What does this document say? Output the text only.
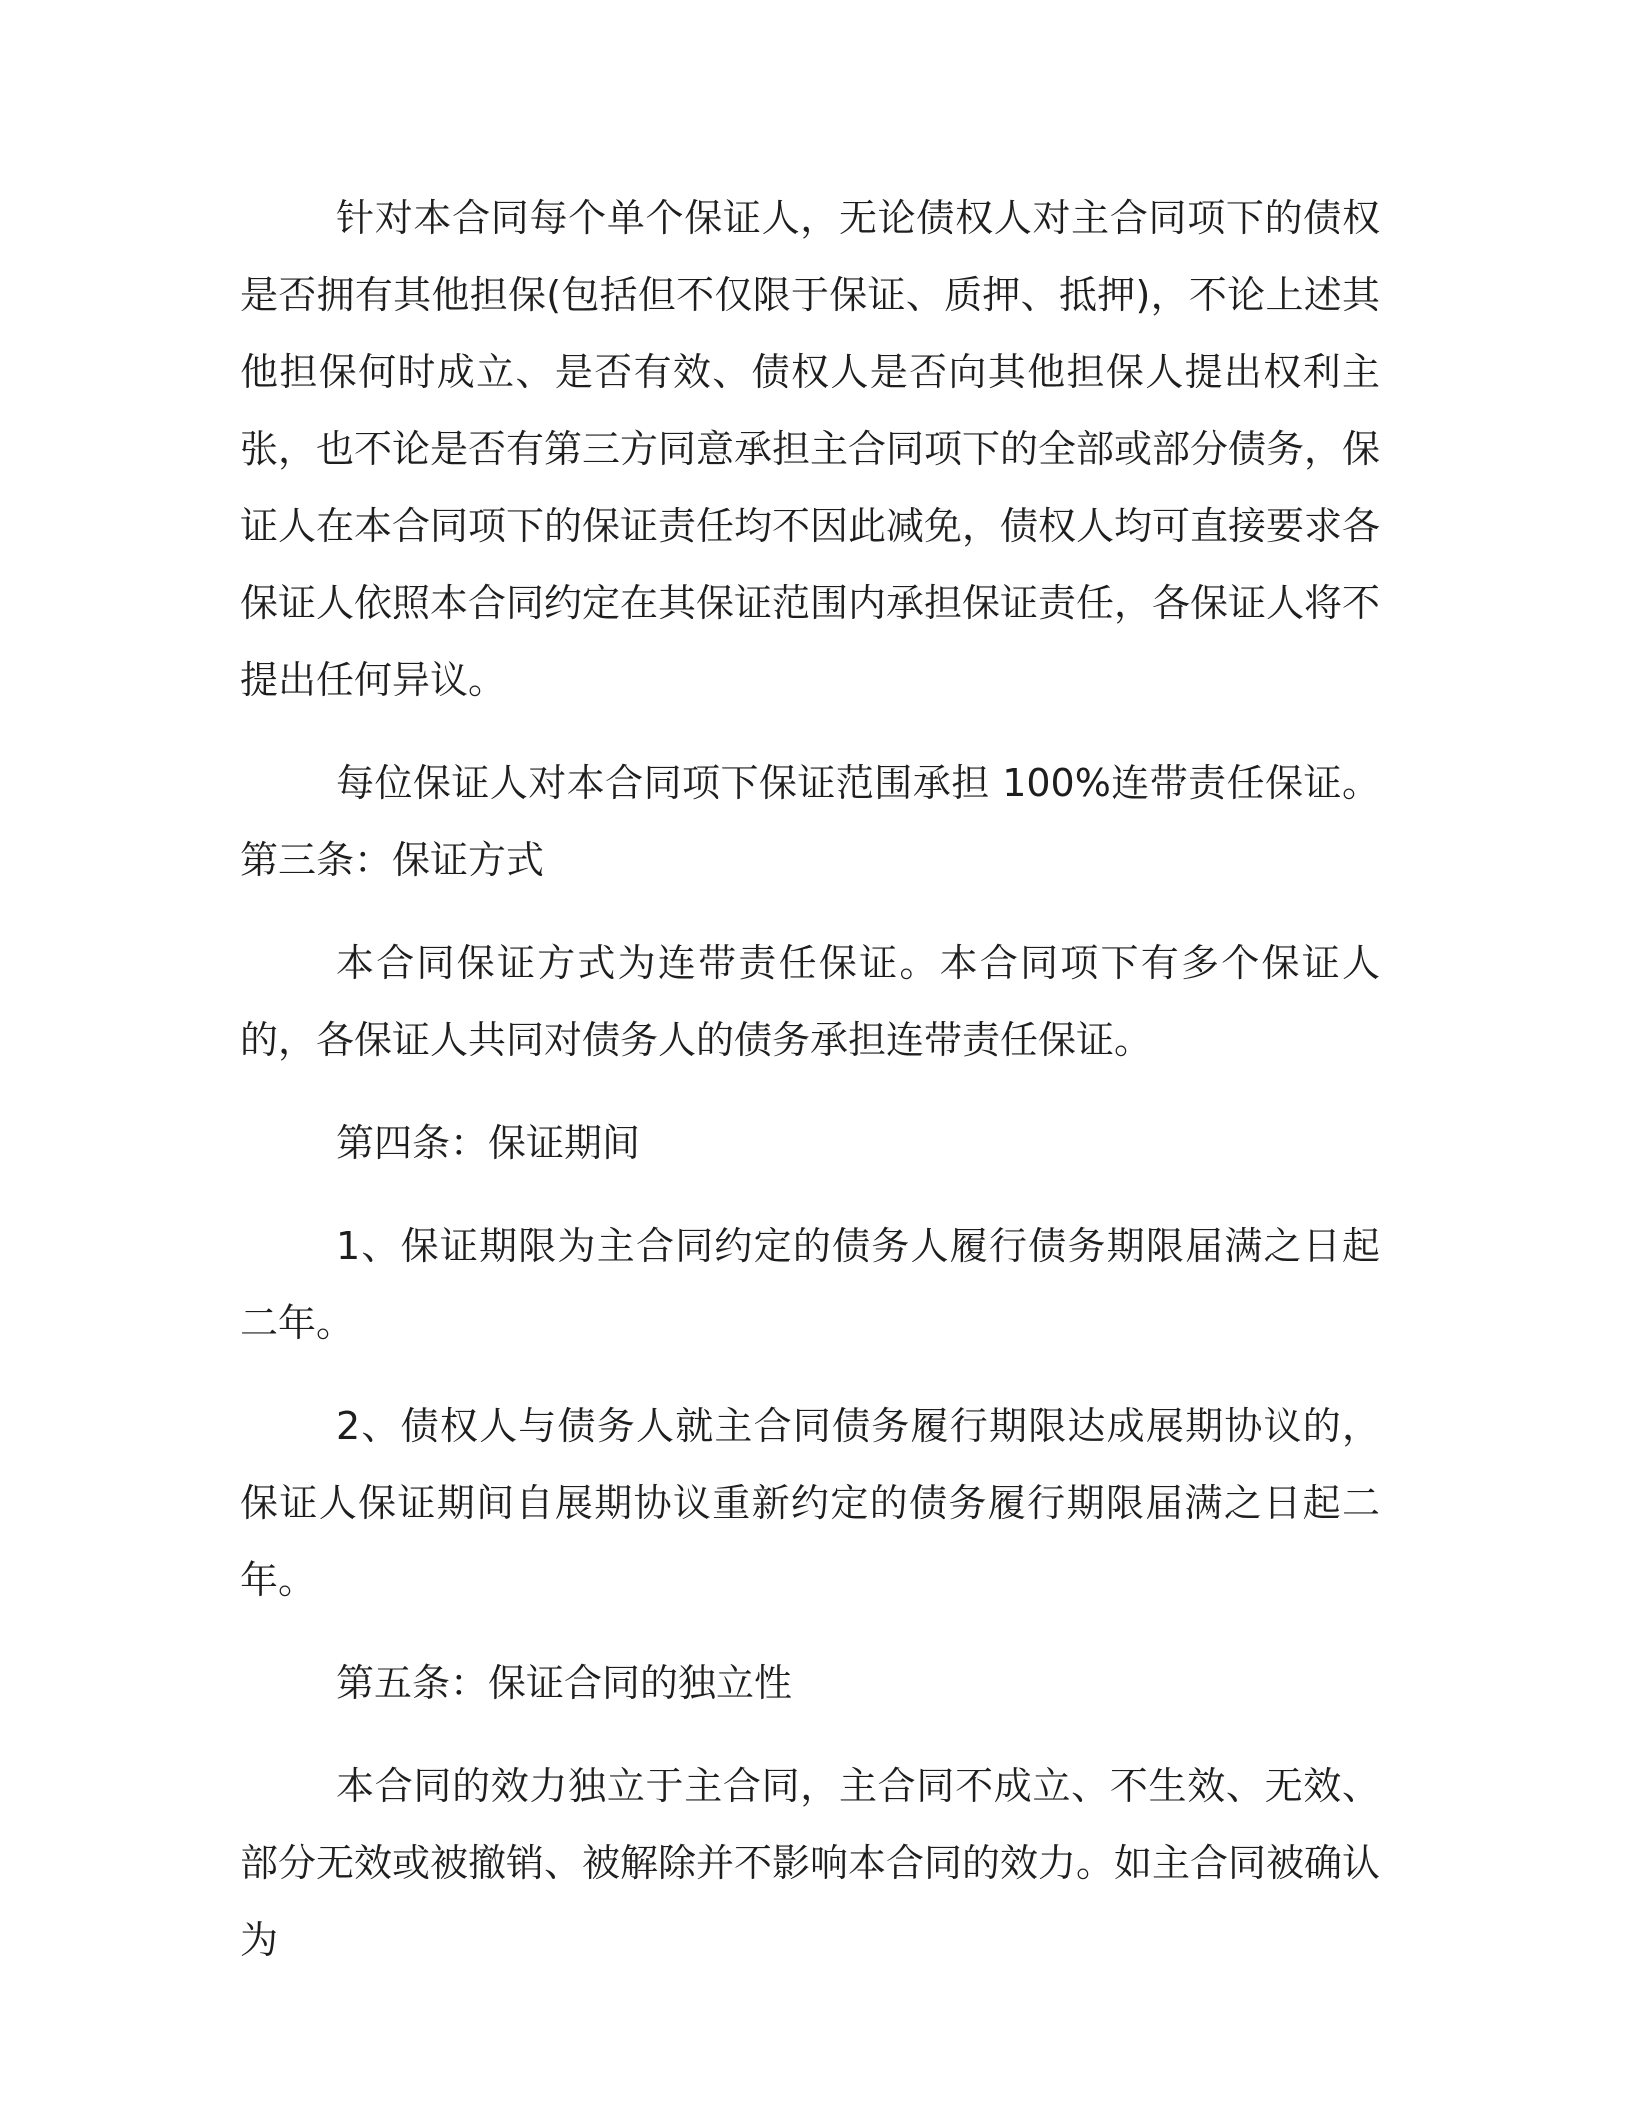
针对本合同每个单个保证人，无论债权人对主合同项下的债权是否拥有其他担保(包括但不仅限于保证、质押、抵押)，不论上述其他担保何时成立、是否有效、债权人是否向其他担保人提出权利主张，也不论是否有第三方同意承担主合同项下的全部或部分债务，保证人在本合同项下的保证责任均不因此减免，债权人均可直接要求各保证人依照本合同约定在其保证范围内承担保证责任，各保证人将不提出任何异议。

每位保证人对本合同项下保证范围承担 100%连带责任保证。 第三条：保证方式

本合同保证方式为连带责任保证。本合同项下有多个保证人的，各保证人共同对债务人的债务承担连带责任保证。

第四条：保证期间

1、保证期限为主合同约定的债务人履行债务期限届满之日起二年。

2、债权人与债务人就主合同债务履行期限达成展期协议的，保证人保证期间自展期协议重新约定的债务履行期限届满之日起二年。

第五条：保证合同的独立性

本合同的效力独立于主合同，主合同不成立、不生效、无效、部分无效或被撤销、被解除并不影响本合同的效力。如主合同被确认为
